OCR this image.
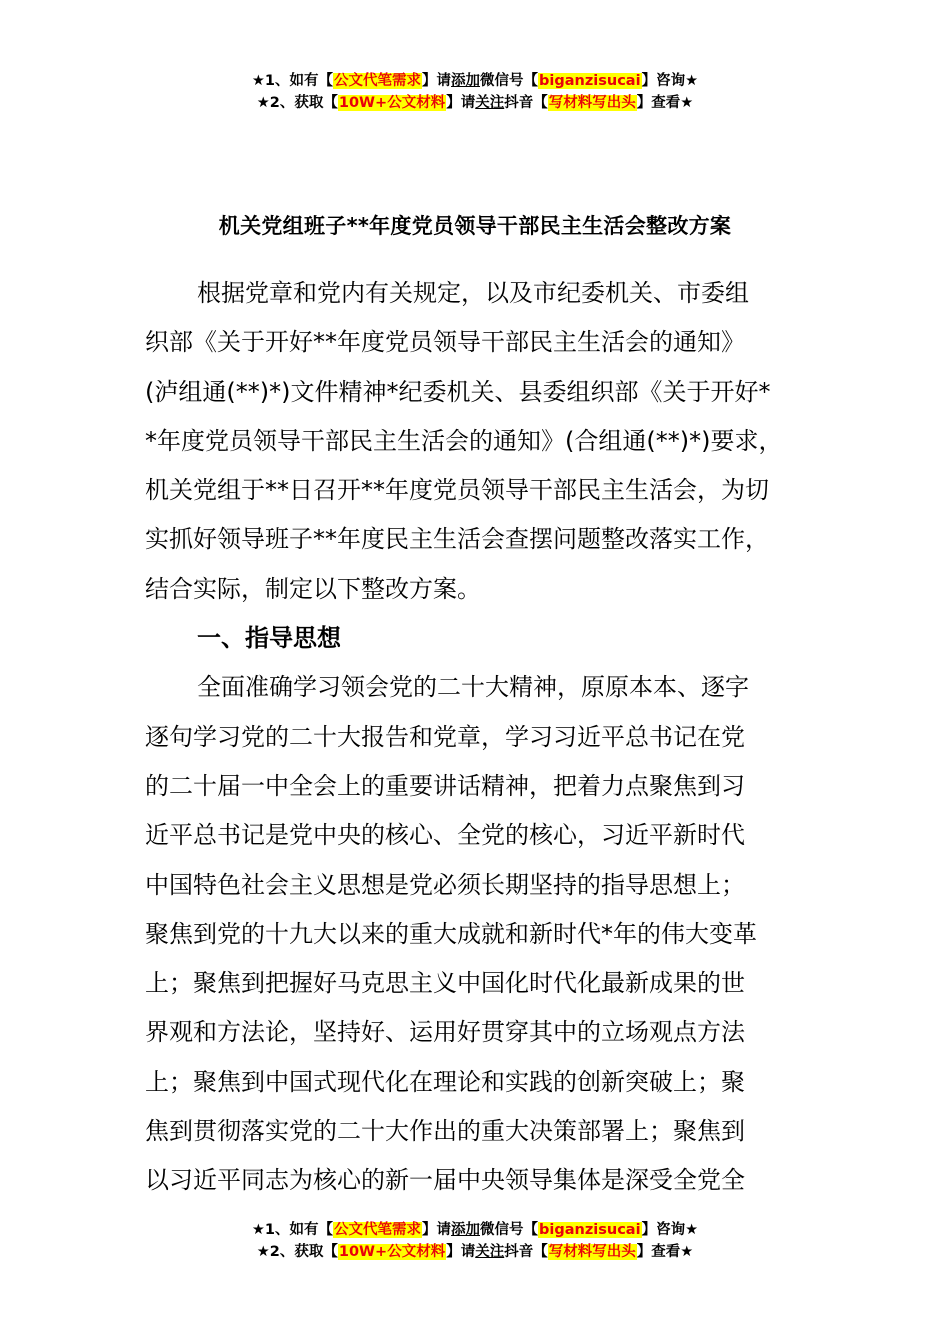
★1、如有【公文代笔需求】请添加微信号【biganzisucai】咨询★
★2、获取【10W+公文材料】请关注抖音【写材料写出头】查看★
机关党组班子**年度党员领导干部民主生活会整改方案
根据党章和党内有关规定，以及市纪委机关、市委组
织部《关于开好**年度党员领导干部民主生活会的通知》
(泸组通(**)*)文件精神*纪委机关、县委组织部《关于开好*
*年度党员领导干部民主生活会的通知》(合组通(**)*)要求，
机关党组于**日召开**年度党员领导干部民主生活会，为切
实抓好领导班子**年度民主生活会查摆问题整改落实工作，
结合实际，制定以下整改方案。
一、指导思想
全面准确学习领会党的二十大精神，原原本本、逐字
逐句学习党的二十大报告和党章，学习习近平总书记在党
的二十届一中全会上的重要讲话精神，把着力点聚焦到习
近平总书记是党中央的核心、全党的核心，习近平新时代
中国特色社会主义思想是党必须长期坚持的指导思想上；
聚焦到党的十九大以来的重大成就和新时代*年的伟大变革
上；聚焦到把握好马克思主义中国化时代化最新成果的世
界观和方法论，坚持好、运用好贯穿其中的立场观点方法
上；聚焦到中国式现代化在理论和实践的创新突破上；聚
焦到贯彻落实党的二十大作出的重大决策部署上；聚焦到
以习近平同志为核心的新一届中央领导集体是深受全党全
★1、如有【公文代笔需求】请添加微信号【biganzisucai】咨询★
★2、获取【10W+公文材料】请关注抖音【写材料写出头】查看★
